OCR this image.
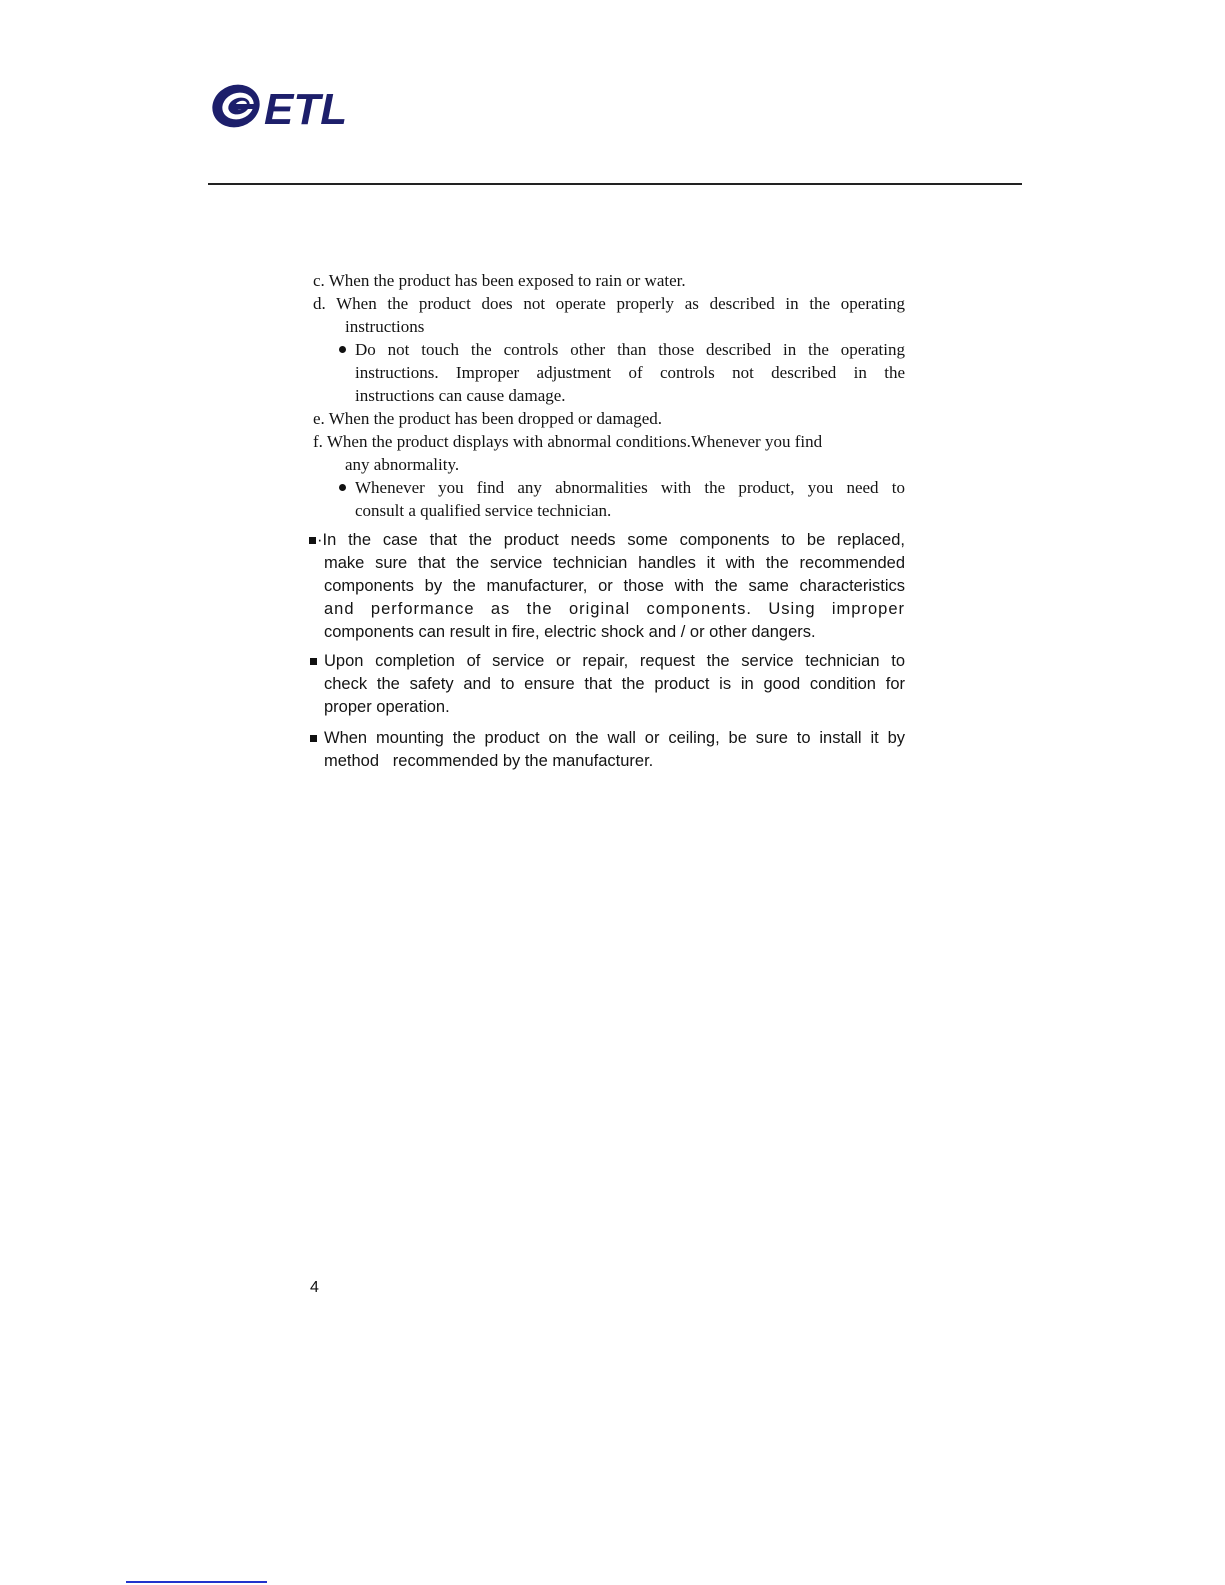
ETL
c. When the product has been exposed to rain or water.
d. When the product does not operate properly as described in the operating
instructions
Do not touch the controls other than those described in the operating
instructions. Improper adjustment of controls not described in the
instructions can cause damage.
e. When the product has been dropped or damaged.
f. When the product displays with abnormal conditions.Whenever you find
any abnormality.
Whenever you find any abnormalities with the product, you need to
consult a qualified service technician.
·In the case that the product needs some components to be replaced,
make sure that the service technician handles it with the recommended
components by the manufacturer, or those with the same characteristics
and performance as the original components. Using improper
components can result in fire, electric shock and / or other dangers.
Upon completion of service or repair, request the service technician to
check the safety and to ensure that the product is in good condition for
proper operation.
When mounting the product on the wall or ceiling, be sure to install it by
method   recommended by the manufacturer.
4
